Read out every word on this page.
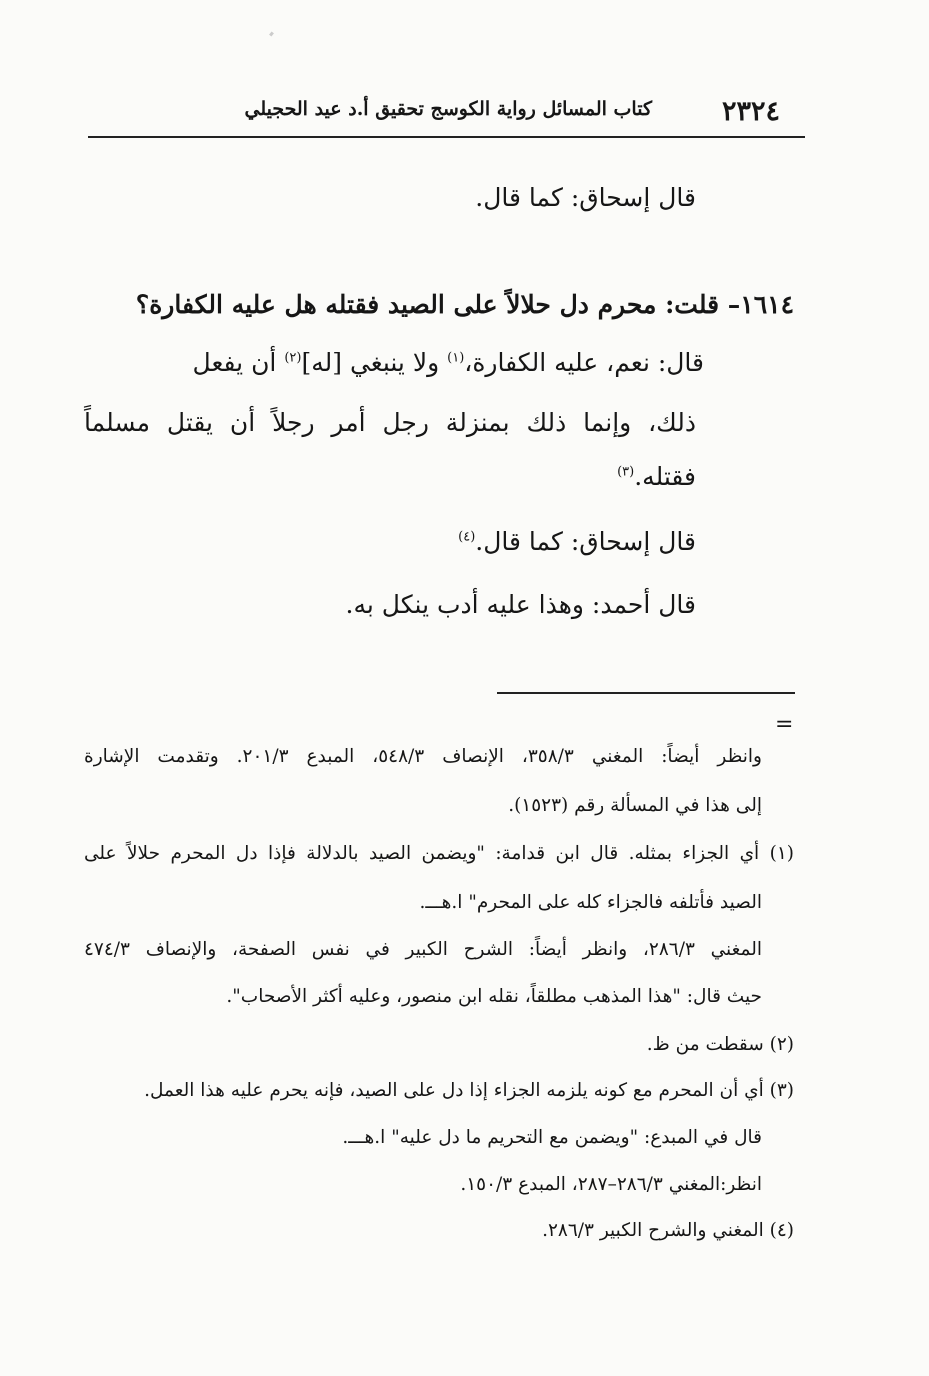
٢٣٢٤
كتاب المسائل رواية الكوسج تحقيق أ.د عيد الحجيلي
قال إسحاق: كما قال.
١٦١٤– قلت: محرم دل حلالاً على الصيد فقتله هل عليه الكفارة؟
قال: نعم، عليه الكفارة،$^{(١)}$ ولا ينبغي [له]$^{(٢)}$ أن يفعل
ذلك، وإنما ذلك بمنزلة رجل أمر رجلاً أن يقتل مسلماً
فقتله.$^{(٣)}$
قال إسحاق: كما قال.$^{(٤)}$
قال أحمد: وهذا عليه أدب ينكل به.
=
وانظر أيضاً: المغني ٣٥٨/٣، الإنصاف ٥٤٨/٣، المبدع ٢٠١/٣. وتقدمت الإشارة
إلى هذا في المسألة رقم (١٥٢٣).
(١) أي الجزاء بمثله. قال ابن قدامة: "ويضمن الصيد بالدلالة فإذا دل المحرم حلالاً على
الصيد فأتلفه فالجزاء كله على المحرم" ا.هـــ.
المغني ٢٨٦/٣، وانظر أيضاً: الشرح الكبير في نفس الصفحة، والإنصاف ٤٧٤/٣
حيث قال: "هذا المذهب مطلقاً، نقله ابن منصور، وعليه أكثر الأصحاب".
(٢) سقطت من ظ.
(٣) أي أن المحرم مع كونه يلزمه الجزاء إذا دل على الصيد، فإنه يحرم عليه هذا العمل.
قال في المبدع: "ويضمن مع التحريم ما دل عليه" ا.هـــ.
انظر:المغني ٢٨٦/٣–٢٨٧، المبدع ١٥٠/٣.
(٤) المغني والشرح الكبير ٢٨٦/٣.
